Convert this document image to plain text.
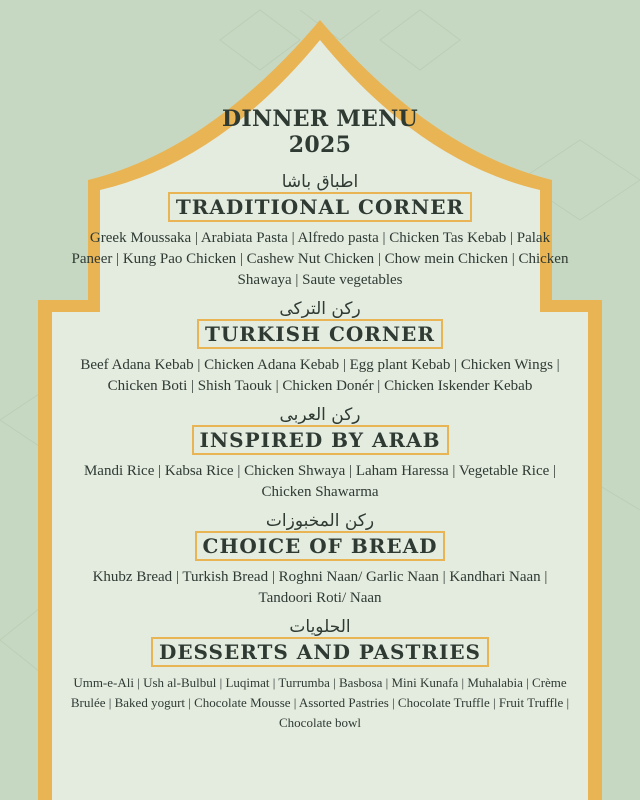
DINNER MENU
2025
اطباق باشا
TRADITIONAL CORNER
Greek Moussaka | Arabiata Pasta | Alfredo pasta | Chicken Tas Kebab | Palak Paneer | Kung Pao Chicken | Cashew Nut Chicken | Chow mein Chicken | Chicken Shawaya | Saute vegetables
ركن التركى
TURKISH CORNER
Beef Adana Kebab | Chicken Adana Kebab | Egg plant Kebab | Chicken Wings | Chicken Boti | Shish Taouk | Chicken Donér | Chicken Iskender Kebab
ركن العربى
INSPIRED BY ARAB
Mandi Rice | Kabsa Rice | Chicken Shwaya | Laham Haressa | Vegetable Rice | Chicken Shawarma
ركن المخبوزات
CHOICE OF BREAD
Khubz Bread | Turkish Bread | Roghni Naan/ Garlic Naan | Kandhari Naan | Tandoori Roti/ Naan
الحلويات
DESSERTS AND PASTRIES
Umm-e-Ali | Ush al-Bulbul | Luqimat | Turrumba | Basbosa | Mini Kunafa | Muhalabia | Crème Brulée | Baked yogurt | Chocolate Mousse | Assorted Pastries | Chocolate Truffle | Fruit Truffle | Chocolate bowl
